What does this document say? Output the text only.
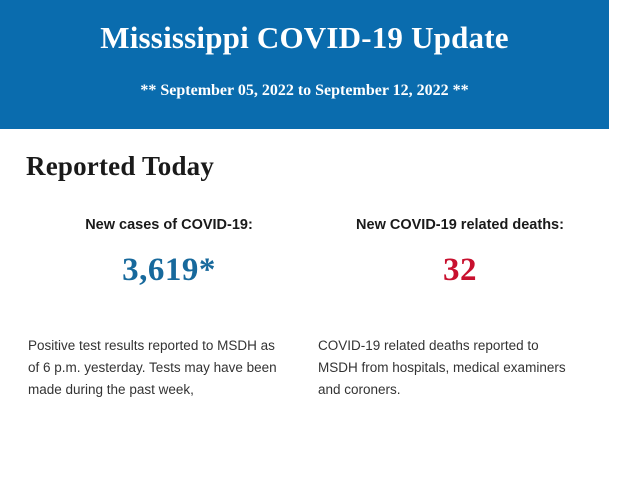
Mississippi COVID-19 Update
** September 05, 2022 to September 12, 2022 **
Reported Today
New cases of COVID-19:
3,619*
New COVID-19 related deaths:
32
Positive test results reported to MSDH as of 6 p.m. yesterday. Tests may have been made during the past week,
COVID-19 related deaths reported to MSDH from hospitals, medical examiners and coroners.
